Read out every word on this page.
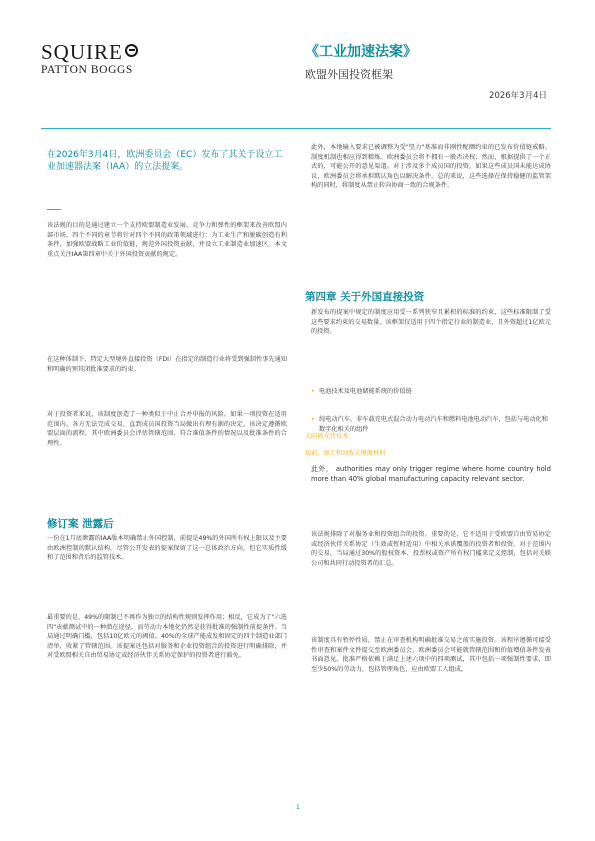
SQUIRE
PATTON BOGGS
《工业加速法案》
欧盟外国投资框架
2026年3月4日
在2026年3月4日，欧洲委员会（EC）发布了其关于设立工业加速器法案（IAA）的立法提案。
该法规的目的是通过建立一个支持欧盟制造业发展、竞争力和弹性的框架来改善欧盟内部市场。四个不同的章节将针对四个不同的政策领域进行：为工业生产和脱碳创造有利条件，加强欧盟战略工业价值链，规范外国投资贡献，并设立工业制造业加速区。本文重点关注IAA第四章中关于外国投资贡献的规定。
在这种体制下，特定大型境外直接投资（FDI）在指定的制造行业将受到强制性事先通知和明确的预其闭批准要求的约束。
对于投资者来说，该制度创造了一种类似于中止合并申报的风险。如果一项投资在适用范围内，各方无法完成交易，直到成员国投资当局做出有理有据的决定。该决定遵循欧盟层面的流程，其中欧洲委员会评估管辖范围、符合准值条件的情况以及批准条件的合理性。
修订案 泄露后
一份在1月底泄露的IAA版本明确禁止外国控制，前提是49%的外国所有权上限以及主要由欧洲控制的默认结构。尽管公开发表的提案保留了这一总体政治方向，但它实质性缓和了范围和背后的监管技术。
最重要的是，49%的限制已不再作为独立的结构性规则发挥作用；相反，它成为了"六选四"贡献测试中的一种潜在途径，而劳动力本地化仍然是获得批准的强制性前提条件。当局通过明确门槛，包括10亿欧元的阈值、40%的全球产能成发和固定的四个制造业部门清单，收紧了管辖范围。该提案还包括对服务和企业投资组合的投资进行明确排除，并对受欧盟相关自由贸易协定或经济伙伴关系协定保护的投资者进行豁免。
此外，本地输入要求已被调整为受"竖力"基准而非刚性配额约束的已发布价值链戒略。制度机制也相应得到精炼。欧洲委员会将不拥有一般否决权；然而，根据提供了一个正式的，可能公开的意见渠道。对于涉及多个成员国的投资，如果这些成员国未能达成协议，欧洲委员会将承担默认角色以解决条件。总的来说，这些选择在保持稳健的监管架构的同时，将制度从禁止转向协商一致的合规条件。
第四章 关于外国直接投资
新发布的提案中规定的制度应用受一系列狭窄且累积的标准的约束，这些标准限制了受这些要求约束的交易数量。该框架仅适用于四个指定行业的制造业，且外资超过1亿欧元的投资。
• 电池技术及电池储能系统的价值链
• 纯电动汽车、非车载充电式混合动力电动汽车和燃料电池电动汽车，包括与电动化和数字化相关的组件
太阳能光伏技术
提前、加工和回收关键原材料
此外， authorities may only trigger regime where home country hold more than 40% global manufacturing capacity relevant sector.
该法规排除了对服务业和投资组合的投资。重要的是，它不适用于受欧盟自由贸易协定或经济伙伴关系协定（生效或暂时适用）中相关承诺覆盖的投资者和投资。对于范围内的交易，当局通过30%的股权资本、投票权或资产所有权门槛来定义控制，包括对关联公司和共同行动投资者的汇总。
该制度具有暂停性质，禁止在审查机构明确批准交易之前实施投资。该程序遵循可接受性审查和案件文件提交至欧洲委员会，欧洲委员会可能就管辖范围和价值增值条件发表书面意见。批准严格依赖于满足上述六项中的四项测试，其中包括一项强制性要求，即至少50%的劳动力，包括管理角色，应由欧盟工人组成。
1
